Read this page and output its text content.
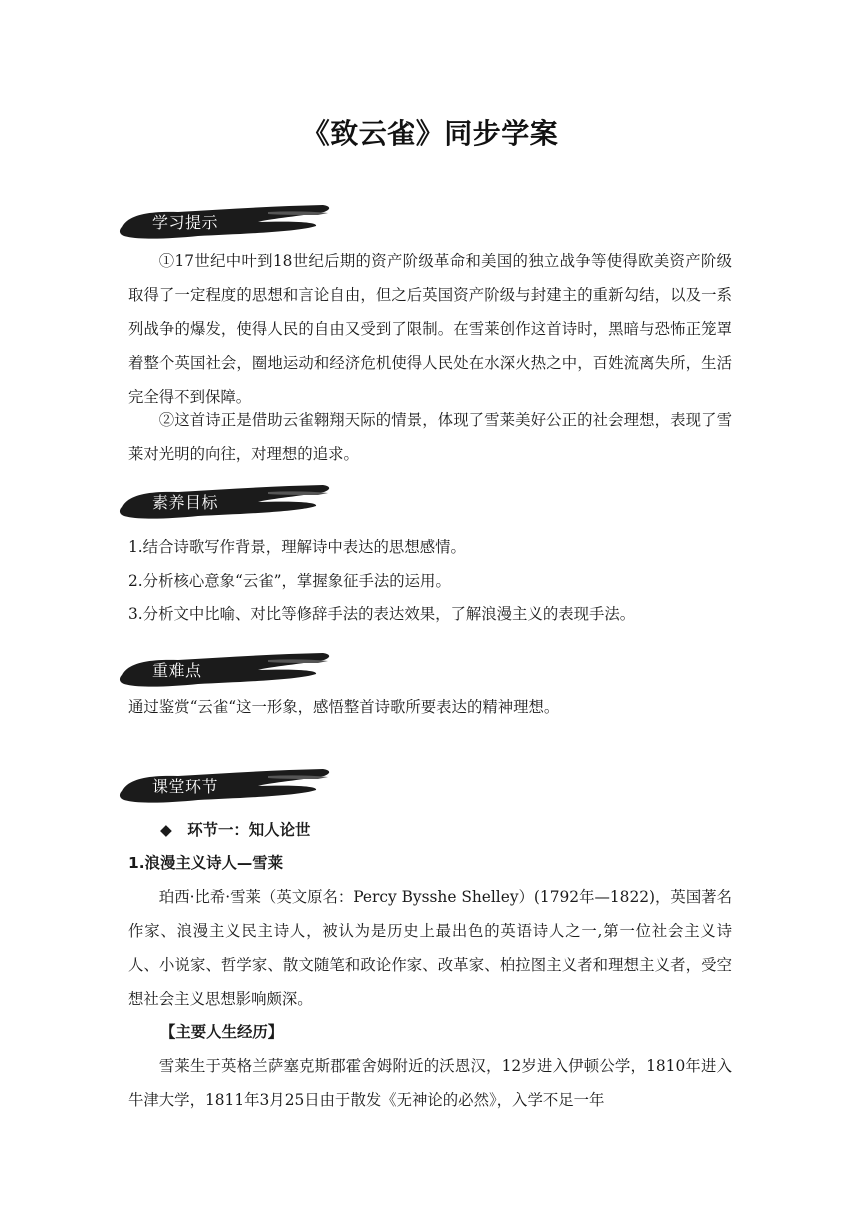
《致云雀》同步学案
学习提示

①17世纪中叶到18世纪后期的资产阶级革命和美国的独立战争等使得欧美资产阶级取得了一定程度的思想和言论自由，但之后英国资产阶级与封建主的重新勾结，以及一系列战争的爆发，使得人民的自由又受到了限制。在雪莱创作这首诗时，黑暗与恐怖正笼罩着整个英国社会，圈地运动和经济危机使得人民处在水深火热之中，百姓流离失所，生活完全得不到保障。

②这首诗正是借助云雀翱翔天际的情景，体现了雪莱美好公正的社会理想，表现了雪莱对光明的向往，对理想的追求。

素养目标

1.结合诗歌写作背景，理解诗中表达的思想感情。

2.分析核心意象“云雀”，掌握象征手法的运用。

3.分析文中比喻、对比等修辞手法的表达效果，了解浪漫主义的表现手法。

重难点

通过鉴赏“云雀“这一形象，感悟整首诗歌所要表达的精神理想。

课堂环节

◆　环节一：知人论世

1.浪漫主义诗人—雪莱

珀西·比希·雪莱（英文原名：Percy Bysshe Shelley）(1792年—1822)，英国著名作家、浪漫主义民主诗人，被认为是历史上最出色的英语诗人之一,第一位社会主义诗人、小说家、哲学家、散文随笔和政论作家、改革家、柏拉图主义者和理想主义者，受空想社会主义思想影响颇深。

【主要人生经历】

雪莱生于英格兰萨塞克斯郡霍舍姆附近的沃恩汉，12岁进入伊顿公学，1810年进入牛津大学，1811年3月25日由于散发《无神论的必然》，入学不足一年
